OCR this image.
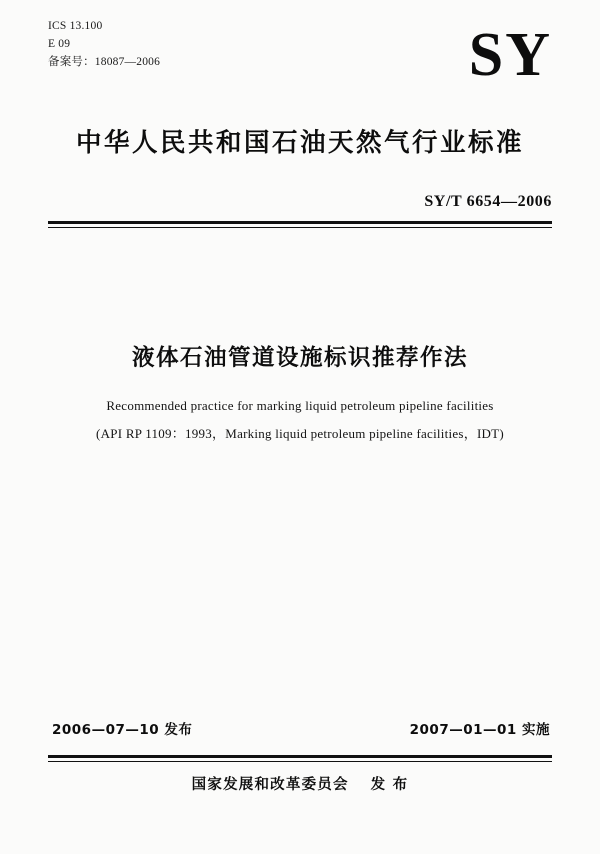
ICS 13.100
E 09
备案号：18087—2006	SY
中华人民共和国石油天然气行业标准
SY/T 6654—2006
液体石油管道设施标识推荐作法
Recommended practice for marking liquid petroleum pipeline facilities
(API RP 1109：1993，Marking liquid petroleum pipeline facilities，IDT)
2006—07—10 发布	2007—01—01 实施
国家发展和改革委员会 发 布
